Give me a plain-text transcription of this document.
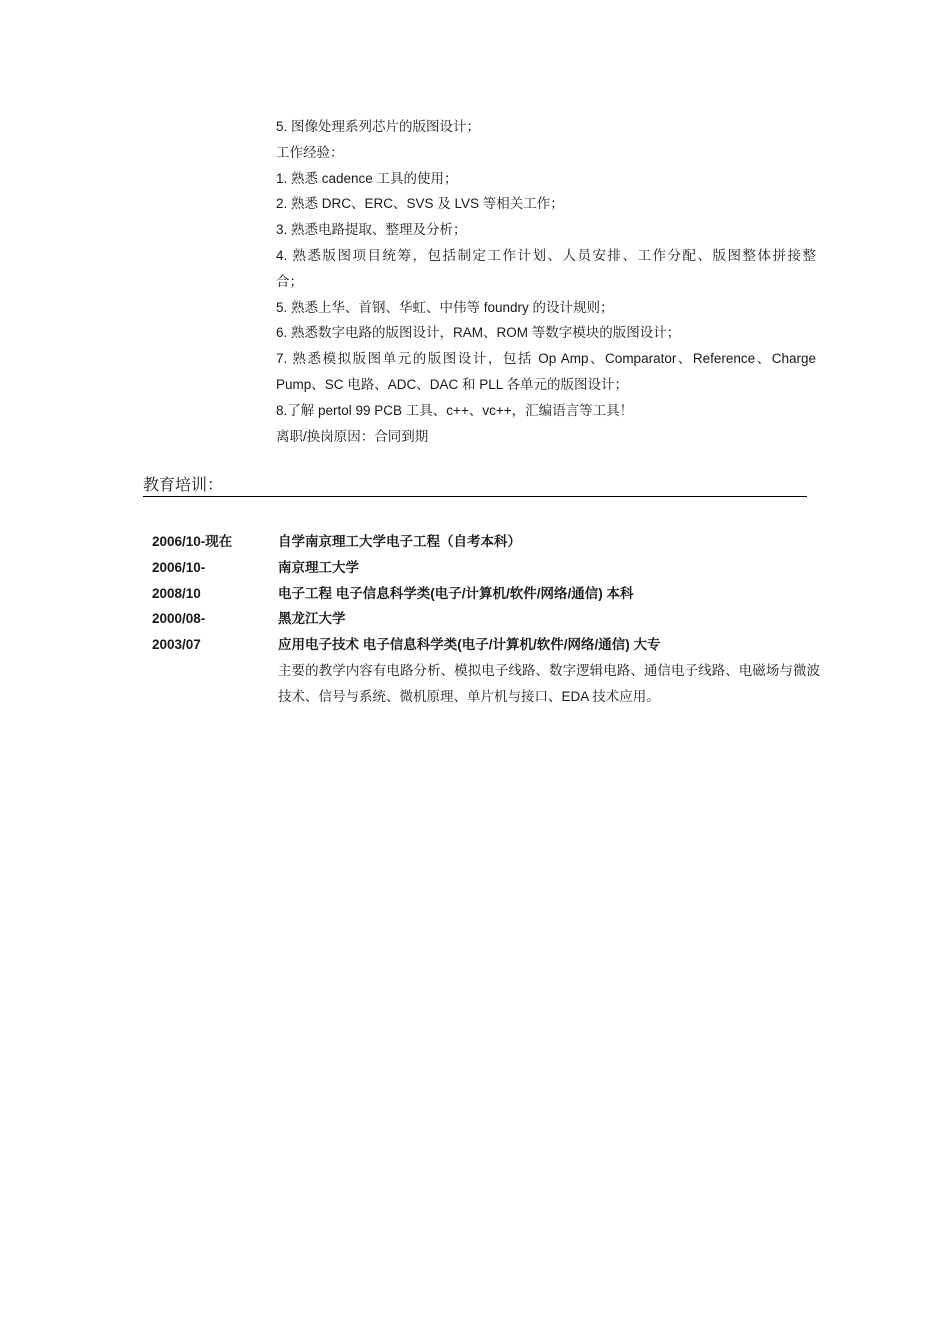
5. 图像处理系列芯片的版图设计；
工作经验：
1. 熟悉 cadence 工具的使用；
2. 熟悉 DRC、ERC、SVS 及 LVS 等相关工作；
3. 熟悉电路提取、整理及分析；
4. 熟悉版图项目统筹，包括制定工作计划、人员安排、工作分配、版图整体拼接整
合；
5. 熟悉上华、首钢、华虹、中伟等 foundry 的设计规则；
6. 熟悉数字电路的版图设计，RAM、ROM 等数字模块的版图设计；
7. 熟悉模拟版图单元的版图设计，包括 Op Amp、Comparator、Reference、Charge
Pump、SC 电路、ADC、DAC 和 PLL 各单元的版图设计；
8.了解 pertol 99 PCB 工具、c++、vc++，汇编语言等工具！
离职/换岗原因：合同到期
教育培训：
2006/10-现在	自学南京理工大学电子工程（自考本科）
2006/10-	南京理工大学
2008/10	电子工程 电子信息科学类(电子/计算机/软件/网络/通信) 本科
2000/08-	黑龙江大学
2003/07	应用电子技术 电子信息科学类(电子/计算机/软件/网络/通信) 大专
主要的教学内容有电路分析、模拟电子线路、数字逻辑电路、通信电子线路、电磁场与微波技术、信号与系统、微机原理、单片机与接口、EDA 技术应用。
